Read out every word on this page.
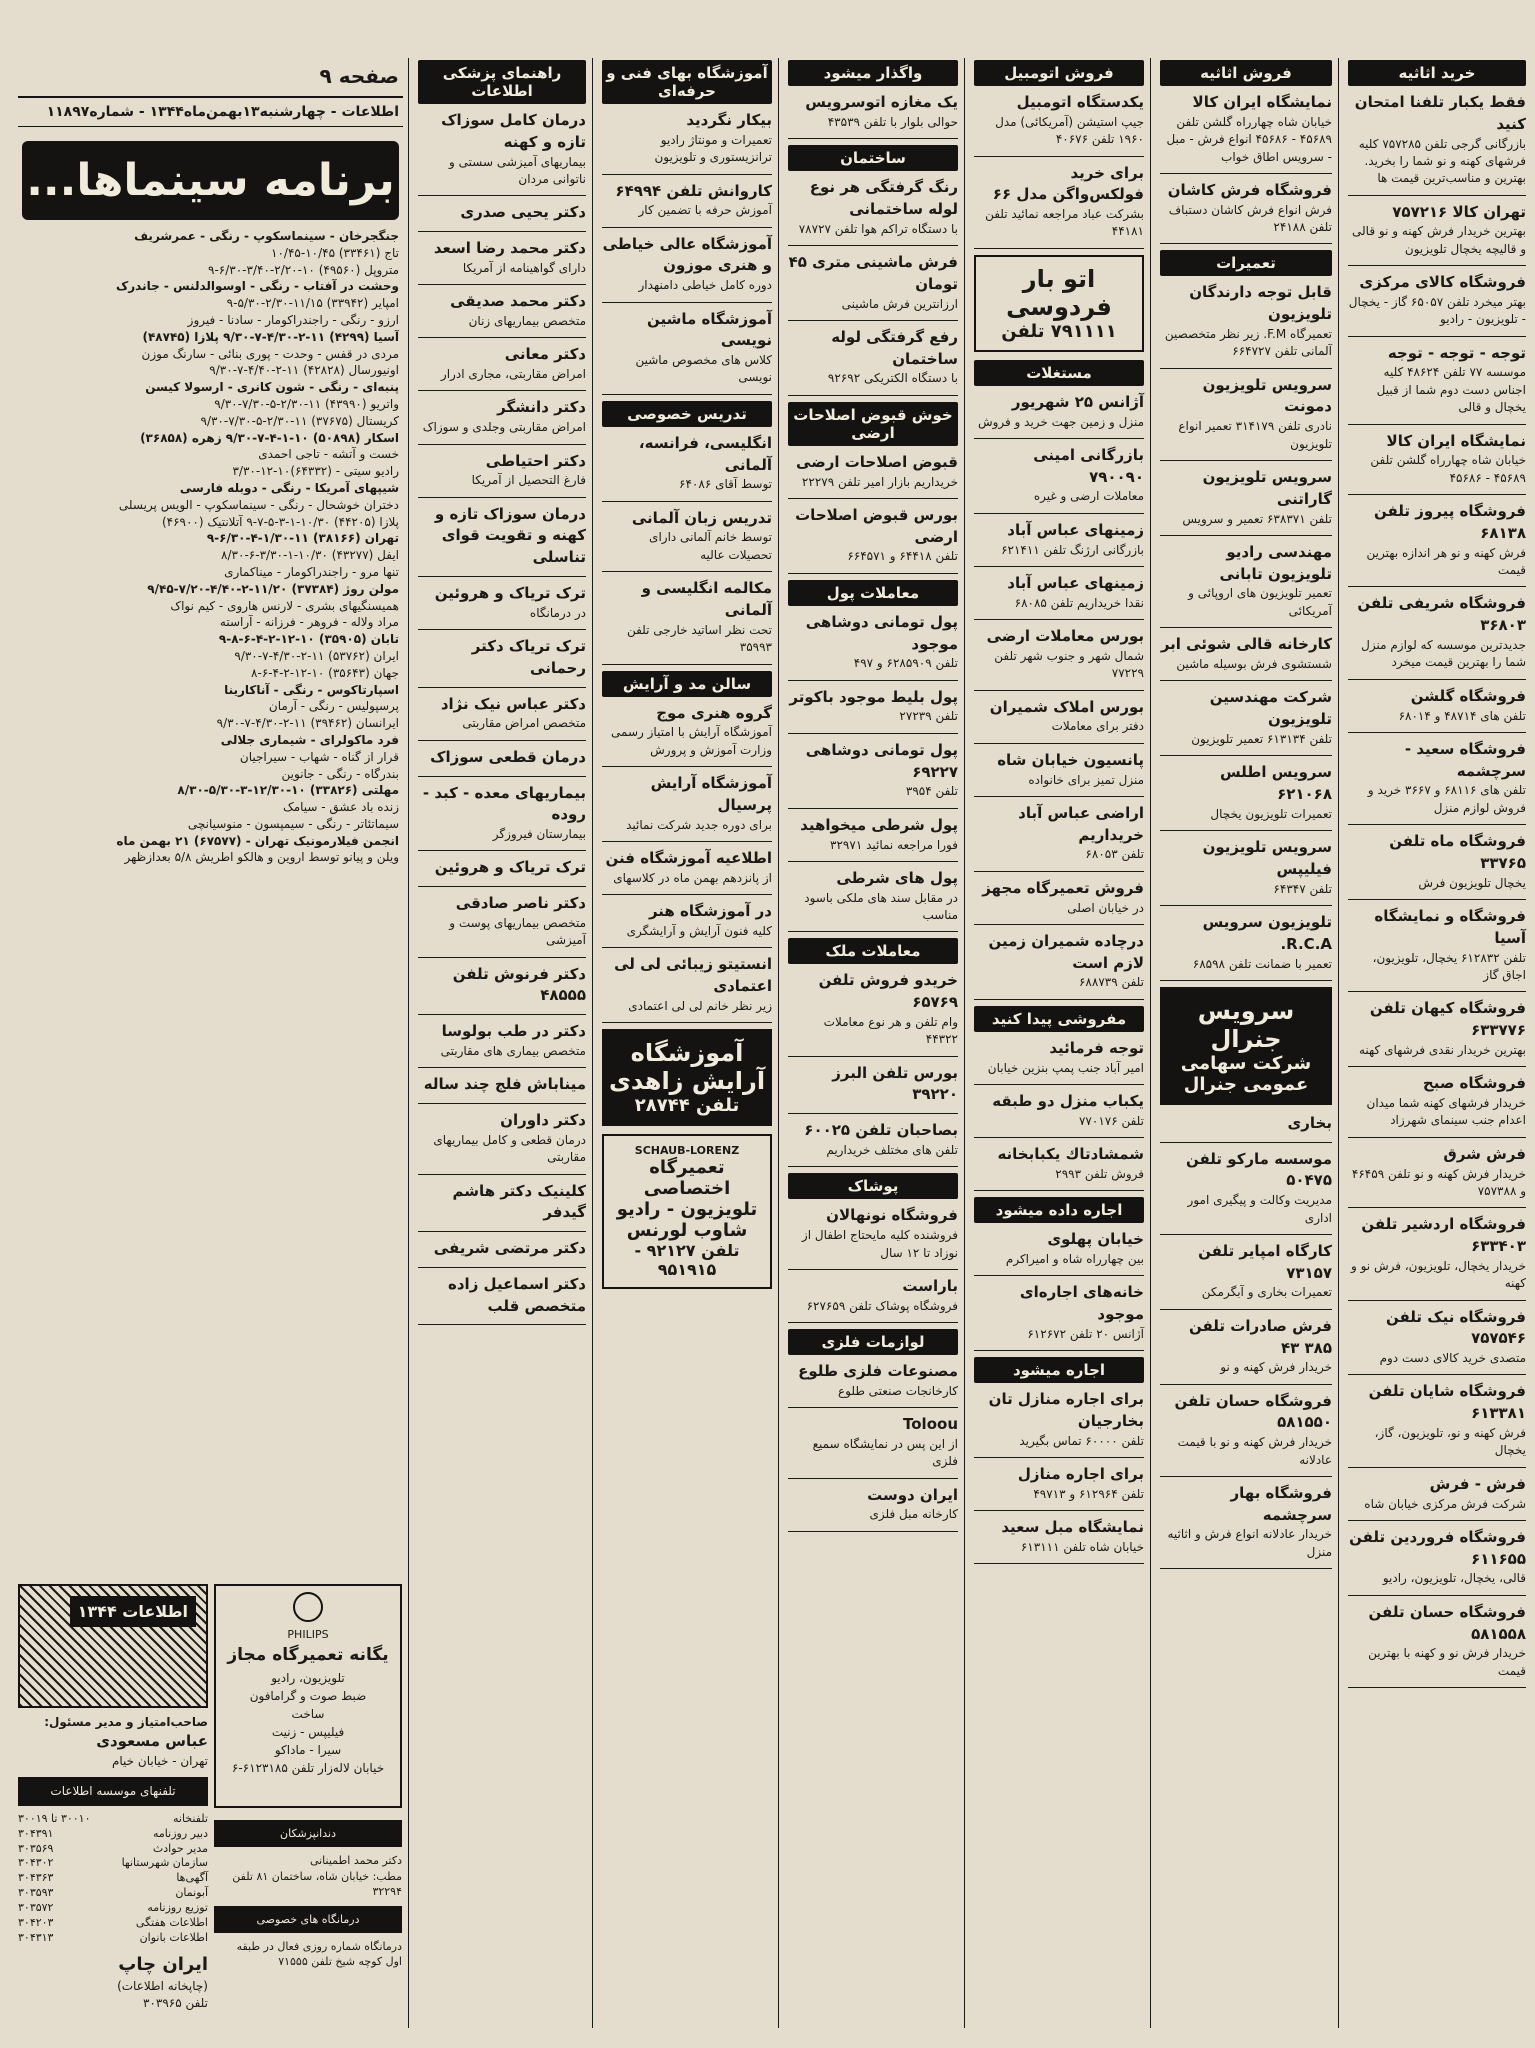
صفحه ۹
اطلاعات - چهارشنبه۱۳بهمن‌ماه۱۳۴۴ - شماره۱۱۸۹۷
برنامه سینماها...
جنگجرخان - سینماسکوپ - رنگی - عمرشریف
تاج (۳۳۴۶۱) ۱۰/۴۵-۱۰/۴۵
متروپل (۴۹۵۶۰) ۱۰-۲/۲۰-۳/۴۰-۶/۳۰-۹
وحشت در آفتاب - رنگی - اوسوالدلنس - جاندرک
امپایر (۳۳۹۴۲) ۱۱/۱۵-۲/۳۰-۵/۳۰-۹
ارزو - رنگی - راجندراکومار - سادنا - فیروز
آسیا (۴۲۹۹) ۱۱-۲-۴/۳۰-۷-۹/۳۰ پلازا (۴۸۷۴۵)
مردی در قفس - وحدت - پوری بنائی - سارنگ موزن
اونیورسال (۴۲۸۲۸) ۱۱-۲-۴/۴۰-۷-۹/۳۰
پنبه‌ای - رنگی - شون کانری - ارسولا کیسن
واتریو (۴۳۹۹۰) ۱۱-۲/۳۰-۵-۷/۳۰-۹/۳۰
کریستال (۳۷۶۷۵) ۱۱-۲/۳۰-۵-۷/۳۰-۹/۳۰
اسکار (۵۰۸۹۸) ۱۰-۱-۴-۷-۹/۳۰ زهره (۳۶۸۵۸)
خست و آتشه - تاجی احمدی
رادیو سیتی - (۶۴۳۳۲)۱۰-۱۲-۳/۳۰
شیپهای آمریکا - رنگی - دوبله فارسی
دختران خوشحال - رنگی - سینماسکوپ - الویس پریسلی
پلازا (۴۴۲۰۵) ۱۰/۳۰-۱-۳-۵-۷-۹ آتلانتیک (۴۶۹۰۰)
تهران (۳۸۱۶۶) ۱۱-۱/۳۰-۴-۶/۳۰-۹
ایفل (۴۳۲۷۷) ۱۰/۳۰-۱-۳/۳۰-۶-۸/۳۰
تنها مرو - راجندراکومار - میناکماری
مولن روژ (۳۷۳۸۴) ۱۱/۲۰-۲-۴/۴۰-۷/۲۰-۹/۴۵
همیسنگیهای بشری - لارنس هاروی - کیم نواک
مراد ولاله - فروهر - فرزانه - آراسته
تابان (۳۵۹۰۵) ۱۰-۱۲-۲-۴-۶-۸-۹
ایران (۵۳۷۶۲) ۱۱-۲-۴/۳۰-۷-۹/۳۰
جهان (۳۵۶۴۳) ۱۰-۱۲-۲-۴-۶-۸
اسپارتاکوس - رنگی - آناکارینا
پرسپولیس - رنگی - آرمان
ایرانسان (۳۹۴۶۲) ۱۱-۲-۴/۳۰-۷-۹/۳۰
فرد ماکولرای - شیماری جلالی
قرار از گناه - شهاب - سیراجیان
بندرگاه - رنگی - جانوین
مهلتی (۳۳۸۲۶) ۱۰-۱۲/۳۰-۳-۵/۳۰-۸/۳۰
زنده باد عشق - سیامک
سیماتئاتر - رنگی - سیمپسون - منوسیانچی
انجمن فیلارمونیک تهران - (۶۷۵۷۷) ۲۱ بهمن ماه
ویلن و پیانو توسط اروین و هالکو اطریش ۵/۸ بعدازظهر
اطلاعات ۱۳۴۴
صاحب‌امتیاز و مدیر مسئول:
عباس مسعودی
تهران - خیابان خیام
تلفنهای موسسه اطلاعات
تلفنخانه
۳۰۰۱۰ تا ۳۰۰۱۹
دبیر روزنامه
۳۰۴۳۹۱
مدیر حوادث
۳۰۳۵۶۹
سازمان شهرستانها
۳۰۴۳۰۲
آگهی‌ها
۳۰۴۳۶۳
آبونمان
۳۰۳۵۹۳
توزیع روزنامه
۳۰۳۵۷۲
اطلاعات هفتگی
۳۰۴۲۰۳
اطلاعات بانوان
۳۰۴۳۱۳
ایران چاپ
(چاپخانه اطلاعات)
تلفن ۳۰۳۹۶۵
PHILIPS
یگانه تعمیرگاه مجاز
تلویزیون، رادیو
ضبط صوت و گرامافون
ساخت
فیلیپس - زنیت
سیرا - ماداکو
خیابان لاله‌زار تلفن ۶۱۲۳۱۸۵-۶
دندانپزشکان
دکتر محمد اطمینانی
مطب: خیابان شاه، ساختمان ۸۱ تلفن ۳۲۲۹۴
درمانگاه های خصوصی
درمانگاه شماره روزی فعال در طبقه
اول کوچه شیخ تلفن ۷۱۵۵۵
خرید اثاثیه
فقط یکبار تلفنا امتحان کنید
بازرگانی گرجی تلفن ۷۵۷۲۸۵ کلیه فرشهای کهنه و نو شما را بخرید. بهترین و مناسب‌ترین قیمت ها
تهران کالا ۷۵۷۲۱۶
بهترین خریدار فرش کهنه و نو قالی و قالیچه یخچال تلویزیون
فروشگاه کالای مرکزی
بهتر میخرد تلفن ۶۵۰۵۷ گاز - یخچال - تلویزیون - رادیو
توجه - توجه - توجه
موسسه ۷۷ تلفن ۴۸۶۲۴ کلیه اجناس دست دوم شما از قبیل یخچال و قالی
نمایشگاه ایران کالا
خیابان شاه چهارراه گلشن تلفن ۴۵۶۸۹ - ۴۵۶۸۶
فروشگاه پیروز تلفن ۶۸۱۳۸
فرش کهنه و نو هر اندازه بهترین قیمت
فروشگاه شریفی تلفن ۳۶۸۰۳
جدیدترین موسسه که لوازم منزل شما را بهترین قیمت میخرد
فروشگاه گلشن
تلفن های ۴۸۷۱۴ و ۶۸۰۱۴
فروشگاه سعید - سرچشمه
تلفن های ۶۸۱۱۶ و ۳۶۶۷ خرید و فروش لوازم منزل
فروشگاه ماه تلفن ۳۳۷۶۵
یخچال تلویزیون فرش
فروشگاه و نمایشگاه آسیا
تلفن ۶۱۲۸۳۲ یخچال، تلویزیون، اجاق گاز
فروشگاه کیهان تلفن ۶۳۳۷۷۶
بهترین خریدار نقدی فرشهای کهنه
فروشگاه صبح
خریدار فرشهای کهنه شما میدان اعدام جنب سینمای شهرزاد
فرش شرق
خریدار فرش کهنه و نو تلفن ۴۶۴۵۹ و ۷۵۷۳۸۸
فروشگاه اردشیر تلفن ۶۳۳۴۰۳
خریدار یخچال، تلویزیون، فرش نو و کهنه
فروشگاه نیک تلفن ۷۵۷۵۴۶
متصدی خرید کالای دست دوم
فروشگاه شایان تلفن ۶۱۳۳۸۱
فرش کهنه و نو، تلویزیون، گاز، یخچال
فرش - فرش
شرکت فرش مرکزی خیابان شاه
فروشگاه فروردین تلفن ۶۱۱۶۵۵
قالی، یخچال، تلویزیون، رادیو
فروشگاه حسان تلفن ۵۸۱۵۵۸
خریدار فرش نو و کهنه با بهترین قیمت
فروش اثاثیه
نمایشگاه ایران کالا
خیابان شاه چهارراه گلشن تلفن ۴۵۶۸۹ - ۴۵۶۸۶ انواع فرش - مبل - سرویس اطاق خواب
فروشگاه فرش کاشان
فرش انواع فرش کاشان دستباف تلفن ۲۴۱۸۸
تعمیرات
قابل توجه دارندگان تلویزیون
تعمیرگاه F.M. زیر نظر متخصصین آلمانی تلفن ۶۶۴۷۲۷
سرویس تلویزیون دمونت
نادری تلفن ۳۱۴۱۷۹ تعمیر انواع تلویزیون
سرویس تلویزیون گاراتنی
تلفن ۶۳۸۳۷۱ تعمیر و سرویس
مهندسی رادیو تلویزیون تابانی
تعمیر تلویزیون های اروپائی و آمریکائی
کارخانه قالی شوئی ابر
شستشوی فرش بوسیله ماشین
شرکت مهندسین تلویزیون
تلفن ۶۱۳۱۳۴ تعمیر تلویزیون
سرویس اطلس ۶۲۱۰۶۸
تعمیرات تلویزیون یخچال
سرویس تلویزیون فیلیپس
تلفن ۶۴۳۴۷
تلویزیون سرویس R.C.A.
تعمیر با ضمانت تلفن ۶۸۵۹۸
سرویس جنرال
شرکت سهامی عمومی جنرال
بخاری
موسسه مارکو تلفن ۵۰۴۷۵
مدیریت وکالت و پیگیری امور اداری
کارگاه امپایر تلفن ۷۳۱۵۷
تعمیرات بخاری و آبگرمکن
فرش صادرات تلفن ۳۸۵ ۴۳
خریدار فرش کهنه و نو
فروشگاه حسان تلفن ۵۸۱۵۵۰
خریدار فرش کهنه و نو با قیمت عادلانه
فروشگاه بهار سرچشمه
خریدار عادلانه انواع فرش و اثاثیه منزل
فروش اتومبیل
یکدستگاه اتومبیل
جیپ استیشن (آمریکائی) مدل ۱۹۶۰ تلفن ۴۰۶۷۶
برای خرید فولکس‌واگن مدل ۶۶
بشرکت عباد مراجعه نمائید تلفن ۴۴۱۸۱
اتو بار فردوسی
۷۹۱۱۱۱ تلفن
مستغلات
آژانس ۲۵ شهریور
منزل و زمین جهت خرید و فروش
بازرگانی امینی ۷۹۰۰۹۰
معاملات ارضی و غیره
زمینهای عباس آباد
بازرگانی ارژنگ تلفن ۶۲۱۴۱۱
زمینهای عباس آباد
نقدا خریداریم تلفن ۶۸۰۸۵
بورس معاملات ارضی
شمال شهر و جنوب شهر تلفن ۷۷۲۲۹
بورس املاک شمیران
دفتر برای معاملات
پانسیون خیابان شاه
منزل تمیز برای خانواده
اراضی عباس آباد خریداریم
تلفن ۶۸۰۵۳
فروش تعمیرگاه مجهز
در خیابان اصلی
درچاده شمیران زمین لازم است
تلفن ۶۸۸۷۳۹
مفروشی پیدا کنید
توجه فرمائید
امیر آباد جنب پمپ بنزین خیابان
یکباب منزل دو طبقه
تلفن ۷۷۰۱۷۶
شمشادتاك يكبابخانه
فروش تلفن ۲۹۹۳
اجاره داده میشود
خیابان پهلوی
بین چهارراه شاه و امیراکرم
خانه‌های اجاره‌ای موجود
آژانس ۲۰ تلفن ۶۱۲۶۷۲
اجاره میشود
برای اجاره منازل تان بخارجیان
تلفن ۶۰۰۰۰ تماس بگیرید
برای اجاره منازل
تلفن ۶۱۲۹۶۴ و ۴۹۷۱۳
نمایشگاه مبل سعید
خیابان شاه تلفن ۶۱۳۱۱۱
واگذار میشود
یک مغازه اتوسرویس
حوالی بلوار با تلفن ۴۳۵۳۹
ساختمان
رنگ گرفتگی هر نوع لوله ساختمانی
با دستگاه تراکم هوا تلفن ۷۸۷۲۷
فرش ماشینی متری ۴۵ تومان
ارزانترین فرش ماشینی
رفع گرفتگی لوله ساختمان
با دستگاه الکتریکی ۹۲۶۹۲
خوش قبوض اصلاحات ارضی
قبوض اصلاحات ارضی
خریداریم بازار امیر تلفن ۲۲۲۷۹
بورس قبوض اصلاحات ارضی
تلفن ۶۴۴۱۸ و ۶۶۴۵۷۱
معاملات پول
پول تومانی دوشاهی موجود
تلفن ۶۲۸۵۹۰۹ و ۴۹۷
پول بلیط موجود باکوتر
تلفن ۲۷۲۳۹
پول تومانی دوشاهی ۶۹۲۲۷
تلفن ۳۹۵۴
پول شرطی میخواهید
فورا مراجعه نمائید ۳۲۹۷۱
پول های شرطی
در مقابل سند های ملکی باسود مناسب
معاملات ملک
خریدو فروش تلفن ۶۵۷۶۹
وام تلفن و هر نوع معاملات ۴۴۳۲۲
بورس تلفن البرز ۳۹۲۲۰
بصاحبان تلفن ۶۰۰۲۵
تلفن های مختلف خریداریم
پوشاک
فروشگاه نونهالان
فروشنده کلیه مایحتاج اطفال از نوزاد تا ۱۲ سال
باراست
فروشگاه پوشاک تلفن ۶۲۷۶۵۹
لوازمات فلزی
مصنوعات فلزی طلوع
کارخانجات صنعتی طلوع
Toloou
از این پس در نمایشگاه سمیع فلزی
ایران دوست
کارخانه مبل فلزی
آموزشگاه بهای فنی و حرفه‌ای
بیکار نگردید
تعمیرات و مونتاژ رادیو ترانزیستوری و تلویزیون
کاروانش تلفن ۶۴۹۹۴
آموزش حرفه با تضمین کار
آموزشگاه عالی خیاطی و هنری موزون
دوره کامل خیاطی دامنهدار
آموزشگاه ماشین نویسی
کلاس های مخصوص ماشین نویسی
تدریس خصوصی
انگلیسی، فرانسه، آلمانی
توسط آقای ۶۴۰۸۶
تدریس زبان آلمانی
توسط خانم آلمانی دارای تحصیلات عالیه
مکالمه انگلیسی و آلمانی
تحت نظر اساتید خارجی تلفن ۳۵۹۹۳
سالن مد و آرایش
گروه هنری موج
آموزشگاه آرایش با امتیاز رسمی وزارت آموزش و پرورش
آموزشگاه آرایش پرسیال
برای دوره جدید شرکت نمائید
اطلاعیه آموزشگاه فنن
از پانزدهم بهمن ماه در کلاسهای
در آموزشگاه هنر
کلیه فنون آرایش و آرایشگری
انستیتو زیبائی لی لی اعتمادی
زیر نظر خانم لی لی اعتمادی
آموزشگاه آرایش زاهدی
تلفن ۲۸۷۴۴
SCHAUB-LORENZ
تعمیرگاه اختصاصی
تلویزیون - رادیو
شاوب لورنس
تلفن ۹۲۱۲۷ - ۹۵۱۹۱۵
راهنمای پزشکی اطلاعات
درمان کامل سوزاک تازه و کهنه
بیماریهای آمیزشی سستی و ناتوانی مردان
دکتر یحیی صدری
دکتر محمد رضا اسعد
دارای گواهینامه از آمریکا
دکتر محمد صدیقی
متخصص بیماریهای زنان
دکتر معانی
امراض مقاربتی، مجاری ادرار
دکتر دانشگر
امراض مقاربتی وجلدی و سوزاک
دکتر احتیاطی
فارغ التحصیل از آمریکا
درمان سوزاک تازه و کهنه و تقویت قوای تناسلی
ترک تریاک و هروئین
در درمانگاه
ترک تریاک دکتر رحمانی
دکتر عباس نیک نژاد
متخصص امراض مقاربتی
درمان قطعی سوزاک
بیماریهای معده - کبد - روده
بیمارستان فیروزگر
ترک تریاک و هروئین
دکتر ناصر صادقی
متخصص بیماریهای پوست و آمیزشی
دکتر فرنوش تلفن ۴۸۵۵۵
دکتر در طب بولوسا
متخصص بیماری های مقاربتی
میناباش فلج چند ساله
دکتر داوران
درمان قطعی و کامل بیماریهای مقاربتی
کلینیک دکتر هاشم گیدفر
دکتر مرتضی شریفی
دکتر اسماعیل زاده متخصص قلب
